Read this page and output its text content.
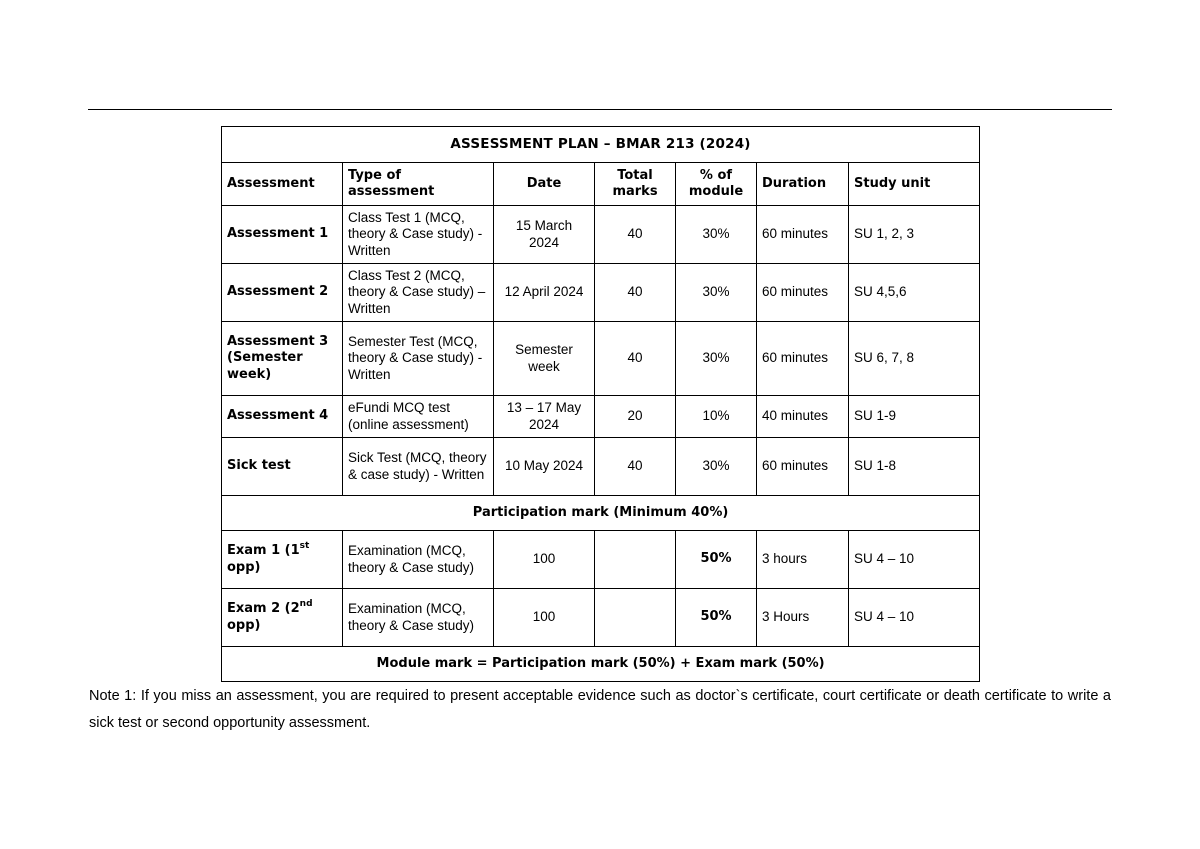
ASSESSMENT PLAN – BMAR 213 (2024)						
Assessment	Type of assessment	Date	Total marks	% of module	Duration	Study unit
Assessment 1	Class Test 1 (MCQ, theory & Case study) - Written	15 March 2024	40	30%	60 minutes	SU 1, 2, 3
Assessment 2	Class Test 2 (MCQ, theory & Case study) – Written	12 April 2024	40	30%	60 minutes	SU 4,5,6
Assessment 3 (Semester week)	Semester Test (MCQ, theory & Case study) -Written	Semester week	40	30%	60 minutes	SU 6, 7, 8
Assessment 4	eFundi MCQ test (online assessment)	13 – 17 May 2024	20	10%	40 minutes	SU 1-9
Sick test	Sick Test (MCQ, theory & case study) - Written	10 May 2024	40	30%	60 minutes	SU 1-8
Participation mark (Minimum 40%)						
Exam 1 (1st opp)	Examination (MCQ, theory & Case study)	100		50%	3 hours	SU 4 – 10
Exam 2 (2nd opp)	Examination (MCQ, theory & Case study)	100		50%	3 Hours	SU 4 – 10
Module mark = Participation mark (50%) + Exam mark (50%)						
Note 1: If you miss an assessment, you are required to present acceptable evidence such as doctor`s certificate, court certificate or death certificate to write a sick test or second opportunity assessment.
